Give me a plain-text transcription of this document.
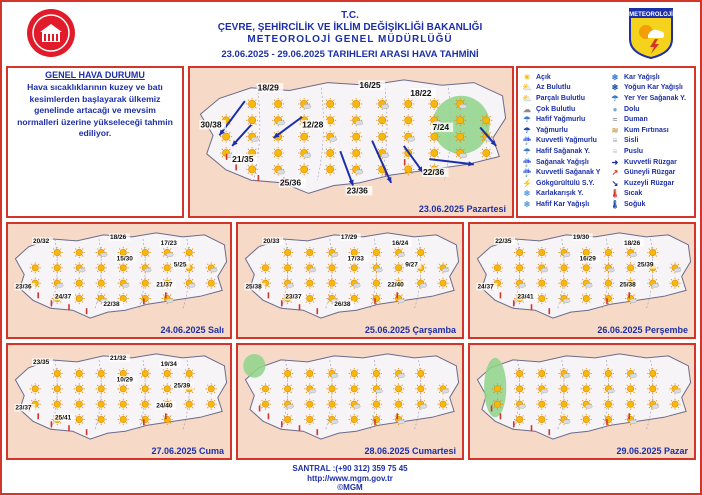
T.C.
ÇEVRE, ŞEHİRCİLİK VE İKLİM DEĞİŞİKLİĞİ BAKANLIĞI
METEOROLOJİ GENEL MÜDÜRLÜĞÜ
23.06.2025 - 29.06.2025 TARIHLERI ARASI HAVA TAHMİNİ
METEOROLOJİ
GENEL HAVA DURUMU
Hava sıcaklıklarının kuzey ve batı kesimlerden başlayarak ülkemiz genelinde artacağı ve mevsim normalleri üzerine yükseleceği tahmin ediliyor.
18/29	16/25
18/22
12/28	7/24
21/35
30/38
25/36
23/36
22/36
23.06.2025 Pazartesi
☀ Açık
⛅ Az Bulutlu
⛅ Parçalı Bulutlu
☁ Çok Bulutlu
☂ Hafif Yağmurlu
☂ Yağmurlu
☔ Kuvvetli Yağmurlu
☂ Hafif Sağanak Y.
☔ Sağanak Yağışlı
☔ Kuvvetli Sağanak Y
⚡ Gökgürültülü S.Y.
❄ Karlakarışık Y.
❄ Hafif Kar Yağışlı
❄ Kar Yağışlı
❄ Yoğun Kar Yağışlı
☂ Yer Yer Sağanak Y.
● Dolu
≈ Duman
≋ Kum Fırtınası
≡ Sisli
≡ Puslu
➜ Kuvvetli Rüzgar
↗ Güneyli Rüzgar
↘ Kuzeyli Rüzgar
🌡 Sıcak
🌡 Soğuk
20/32
18/26
17/23
15/30
5/25
23/36
24/37
21/37
22/38
24.06.2025 Salı
20/33
17/29
16/24
17/33
9/27
25/38
23/37
22/40
26/38
25.06.2025 Çarşamba
22/35
19/30
18/26
16/29
25/39
24/37
23/41
25/38
26.06.2025 Perşembe
23/35
21/32
19/34
10/29
25/39
23/37
25/41
24/40
27.06.2025 Cuma	28.06.2025 Cumartesi	29.06.2025 Pazar
SANTRAL :(+90 312) 359 75 45
http://www.mgm.gov.tr
©MGM
